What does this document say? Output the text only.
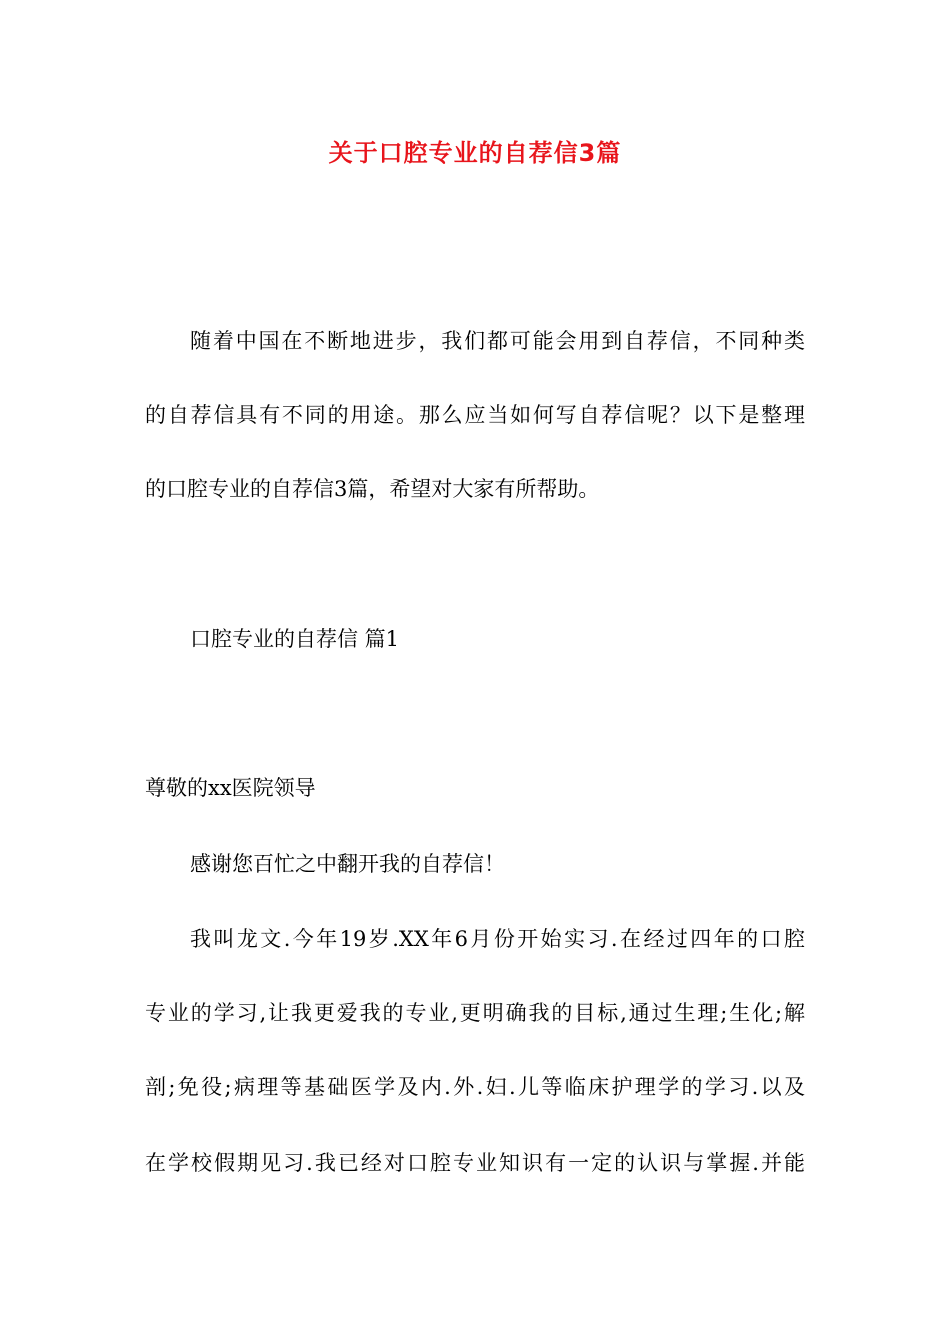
关于口腔专业的自荐信3篇
随着中国在不断地进步，我们都可能会用到自荐信，不同种类
的自荐信具有不同的用途。那么应当如何写自荐信呢？以下是整理
的口腔专业的自荐信3篇，希望对大家有所帮助。
口腔专业的自荐信 篇1
尊敬的xx医院领导
感谢您百忙之中翻开我的自荐信！
我叫龙文.今年19岁.XX年6月份开始实习.在经过四年的口腔
专业的学习,让我更爱我的专业,更明确我的目标,通过生理;生化;解
剖;免役;病理等基础医学及内.外.妇.儿等临床护理学的学习.以及
在学校假期见习.我已经对口腔专业知识有一定的认识与掌握.并能
